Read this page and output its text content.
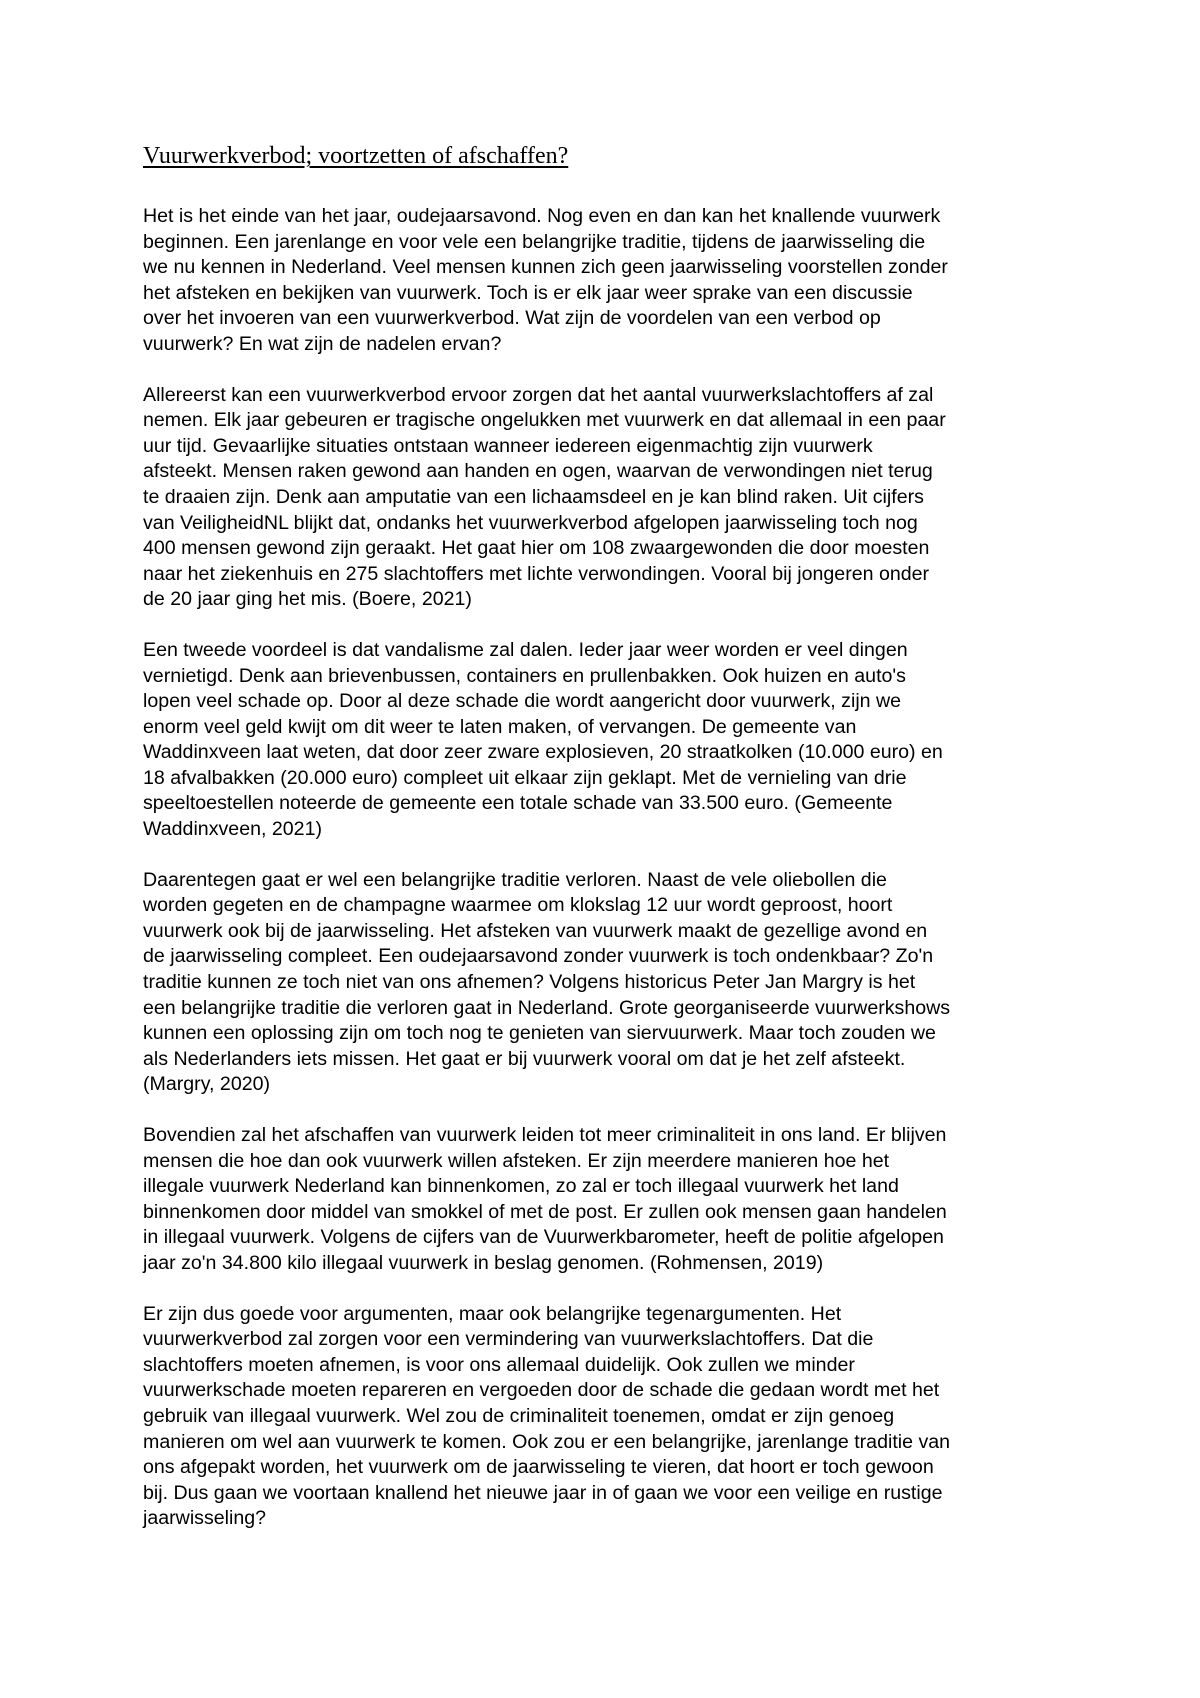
Vuurwerkverbod; voortzetten of afschaffen?

Het is het einde van het jaar, oudejaarsavond. Nog even en dan kan het knallende vuurwerk
beginnen. Een jarenlange en voor vele een belangrijke traditie, tijdens de jaarwisseling die
we nu kennen in Nederland. Veel mensen kunnen zich geen jaarwisseling voorstellen zonder
het afsteken en bekijken van vuurwerk. Toch is er elk jaar weer sprake van een discussie
over het invoeren van een vuurwerkverbod. Wat zijn de voordelen van een verbod op
vuurwerk? En wat zijn de nadelen ervan?

Allereerst kan een vuurwerkverbod ervoor zorgen dat het aantal vuurwerkslachtoffers af zal
nemen. Elk jaar gebeuren er tragische ongelukken met vuurwerk en dat allemaal in een paar
uur tijd. Gevaarlijke situaties ontstaan wanneer iedereen eigenmachtig zijn vuurwerk
afsteekt. Mensen raken gewond aan handen en ogen, waarvan de verwondingen niet terug
te draaien zijn. Denk aan amputatie van een lichaamsdeel en je kan blind raken. Uit cijfers
van VeiligheidNL blijkt dat, ondanks het vuurwerkverbod afgelopen jaarwisseling toch nog
400 mensen gewond zijn geraakt. Het gaat hier om 108 zwaargewonden die door moesten
naar het ziekenhuis en 275 slachtoffers met lichte verwondingen. Vooral bij jongeren onder
de 20 jaar ging het mis. (Boere, 2021)

Een tweede voordeel is dat vandalisme zal dalen. Ieder jaar weer worden er veel dingen
vernietigd. Denk aan brievenbussen, containers en prullenbakken. Ook huizen en auto's
lopen veel schade op. Door al deze schade die wordt aangericht door vuurwerk, zijn we
enorm veel geld kwijt om dit weer te laten maken, of vervangen. De gemeente van
Waddinxveen laat weten, dat door zeer zware explosieven, 20 straatkolken (10.000 euro) en
18 afvalbakken (20.000 euro) compleet uit elkaar zijn geklapt. Met de vernieling van drie
speeltoestellen noteerde de gemeente een totale schade van 33.500 euro. (Gemeente
Waddinxveen, 2021)

Daarentegen gaat er wel een belangrijke traditie verloren. Naast de vele oliebollen die
worden gegeten en de champagne waarmee om klokslag 12 uur wordt geproost, hoort
vuurwerk ook bij de jaarwisseling. Het afsteken van vuurwerk maakt de gezellige avond en
de jaarwisseling compleet. Een oudejaarsavond zonder vuurwerk is toch ondenkbaar? Zo'n
traditie kunnen ze toch niet van ons afnemen? Volgens historicus Peter Jan Margry is het
een belangrijke traditie die verloren gaat in Nederland. Grote georganiseerde vuurwerkshows
kunnen een oplossing zijn om toch nog te genieten van siervuurwerk. Maar toch zouden we
als Nederlanders iets missen. Het gaat er bij vuurwerk vooral om dat je het zelf afsteekt.
(Margry, 2020)

Bovendien zal het afschaffen van vuurwerk leiden tot meer criminaliteit in ons land. Er blijven
mensen die hoe dan ook vuurwerk willen afsteken. Er zijn meerdere manieren hoe het
illegale vuurwerk Nederland kan binnenkomen, zo zal er toch illegaal vuurwerk het land
binnenkomen door middel van smokkel of met de post. Er zullen ook mensen gaan handelen
in illegaal vuurwerk. Volgens de cijfers van de Vuurwerkbarometer, heeft de politie afgelopen
jaar zo'n 34.800 kilo illegaal vuurwerk in beslag genomen. (Rohmensen, 2019)

Er zijn dus goede voor argumenten, maar ook belangrijke tegenargumenten. Het
vuurwerkverbod zal zorgen voor een vermindering van vuurwerkslachtoffers. Dat die
slachtoffers moeten afnemen, is voor ons allemaal duidelijk. Ook zullen we minder
vuurwerkschade moeten repareren en vergoeden door de schade die gedaan wordt met het
gebruik van illegaal vuurwerk. Wel zou de criminaliteit toenemen, omdat er zijn genoeg
manieren om wel aan vuurwerk te komen. Ook zou er een belangrijke, jarenlange traditie van
ons afgepakt worden, het vuurwerk om de jaarwisseling te vieren, dat hoort er toch gewoon
bij. Dus gaan we voortaan knallend het nieuwe jaar in of gaan we voor een veilige en rustige
jaarwisseling?
